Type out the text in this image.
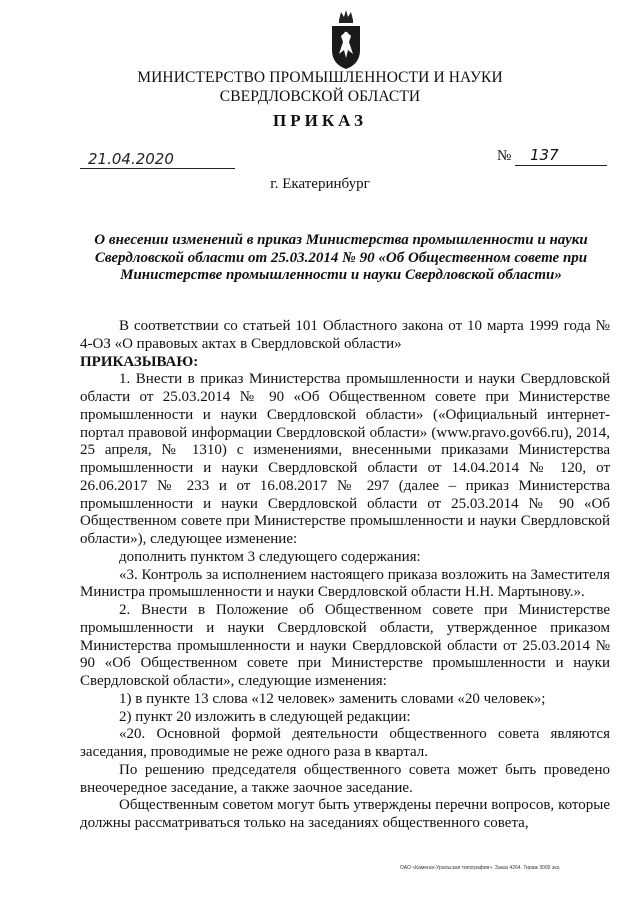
МИНИСТЕРСТВО ПРОМЫШЛЕННОСТИ И НАУКИ
СВЕРДЛОВСКОЙ ОБЛАСТИ
ПРИКАЗ
21.04.2020	№ 137
г. Екатеринбург
О внесении изменений в приказ Министерства промышленности и науки Свердловской области от 25.03.2014 № 90 «Об Общественном совете при Министерстве промышленности и науки Свердловской области»

В соответствии со статьей 101 Областного закона от 10 марта 1999 года № 4-ОЗ «О правовых актах в Свердловской области»

ПРИКАЗЫВАЮ:

1. Внести в приказ Министерства промышленности и науки Свердловской области от 25.03.2014 № 90 «Об Общественном совете при Министерстве промышленности и науки Свердловской области» («Официальный интернет-портал правовой информации Свердловской области» (www.pravo.gov66.ru), 2014, 25 апреля, № 1310) с изменениями, внесенными приказами Министерства промышленности и науки Свердловской области от 14.04.2014 № 120, от 26.06.2017 № 233 и от 16.08.2017 № 297 (далее – приказ Министерства промышленности и науки Свердловской области от 25.03.2014 № 90 «Об Общественном совете при Министерстве промышленности и науки Свердловской области»), следующее изменение:

дополнить пунктом 3 следующего содержания:

«3. Контроль за исполнением настоящего приказа возложить на Заместителя Министра промышленности и науки Свердловской области Н.Н. Мартынову.».

2. Внести в Положение об Общественном совете при Министерстве промышленности и науки Свердловской области, утвержденное приказом Министерства промышленности и науки Свердловской области от 25.03.2014 № 90 «Об Общественном совете при Министерстве промышленности и науки Свердловской области», следующие изменения:

1) в пункте 13 слова «12 человек» заменить словами «20 человек»;

2) пункт 20 изложить в следующей редакции:

«20. Основной формой деятельности общественного совета являются заседания, проводимые не реже одного раза в квартал.

По решению председателя общественного совета может быть проведено внеочередное заседание, а также заочное заседание.

Общественным советом могут быть утверждены перечни вопросов, которые должны рассматриваться только на заседаниях общественного совета,

ОАО «Каменск-Уральская типография». Заказ 4264. Тираж 3000 экз.
